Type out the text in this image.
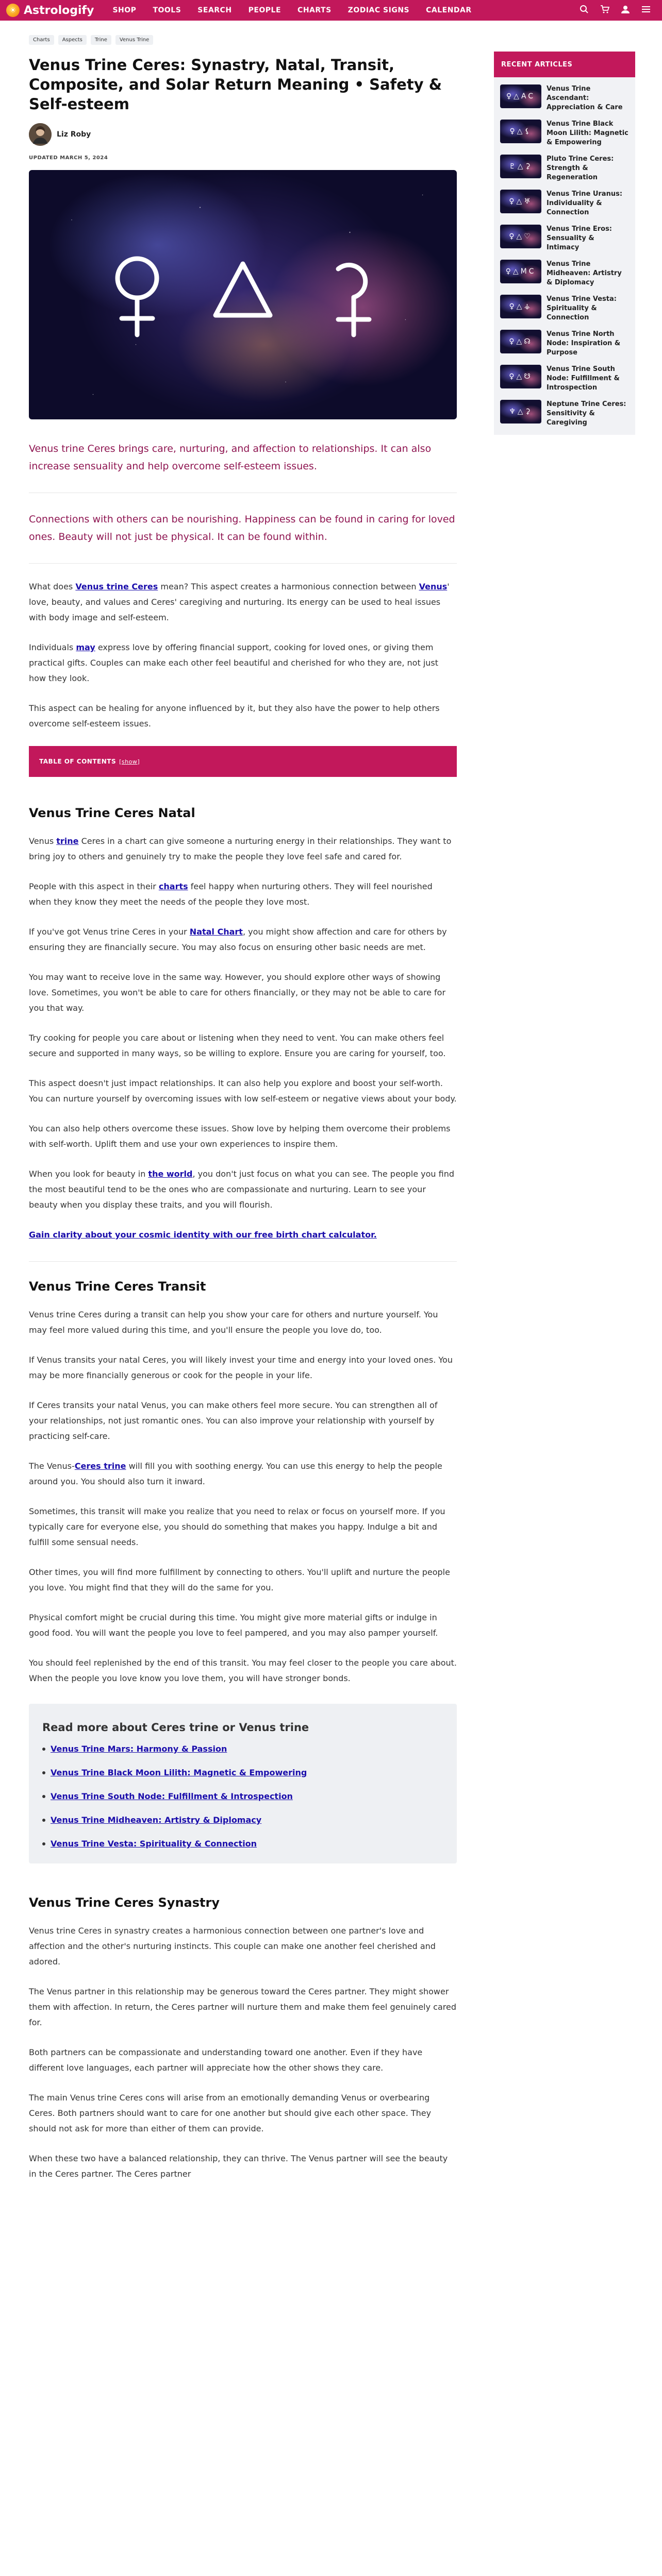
☀ Astrologify	SHOP	TOOLS	SEARCH	PEOPLE	CHARTS	ZODIAC SIGNS	CALENDAR
Charts	Aspects	Trine	Venus Trine
Venus Trine Ceres: Synastry, Natal, Transit, Composite, and Solar Return Meaning • Safety & Self-esteem
Liz Roby
UPDATED MARCH 5, 2024

Venus trine Ceres brings care, nurturing, and affection to relationships. It can also increase sensuality and help overcome self-esteem issues.

Connections with others can be nourishing. Happiness can be found in caring for loved ones. Beauty will not just be physical. It can be found within.

What does Venus trine Ceres mean? This aspect creates a harmonious connection between Venus' love, beauty, and values and Ceres' caregiving and nurturing. Its energy can be used to heal issues with body image and self-esteem.

Individuals may express love by offering financial support, cooking for loved ones, or giving them practical gifts. Couples can make each other feel beautiful and cherished for who they are, not just how they look.

This aspect can be healing for anyone influenced by it, but they also have the power to help others overcome self-esteem issues.

TABLE OF CONTENTS [show]
Venus Trine Ceres Natal

Venus trine Ceres in a chart can give someone a nurturing energy in their relationships. They want to bring joy to others and genuinely try to make the people they love feel safe and cared for.

People with this aspect in their charts feel happy when nurturing others. They will feel nourished when they know they meet the needs of the people they love most.

If you've got Venus trine Ceres in your Natal Chart, you might show affection and care for others by ensuring they are financially secure. You may also focus on ensuring other basic needs are met.

You may want to receive love in the same way. However, you should explore other ways of showing love. Sometimes, you won't be able to care for others financially, or they may not be able to care for you that way.

Try cooking for people you care about or listening when they need to vent. You can make others feel secure and supported in many ways, so be willing to explore. Ensure you are caring for yourself, too.

This aspect doesn't just impact relationships. It can also help you explore and boost your self-worth. You can nurture yourself by overcoming issues with low self-esteem or negative views about your body.

You can also help others overcome these issues. Show love by helping them overcome their problems with self-worth. Uplift them and use your own experiences to inspire them.

When you look for beauty in the world, you don't just focus on what you can see. The people you find the most beautiful tend to be the ones who are compassionate and nurturing. Learn to see your beauty when you display these traits, and you will flourish.

Gain clarity about your cosmic identity with our free birth chart calculator.

Venus Trine Ceres Transit

Venus trine Ceres during a transit can help you show your care for others and nurture yourself. You may feel more valued during this time, and you'll ensure the people you love do, too.

If Venus transits your natal Ceres, you will likely invest your time and energy into your loved ones. You may be more financially generous or cook for the people in your life.

If Ceres transits your natal Venus, you can make others feel more secure. You can strengthen all of your relationships, not just romantic ones. You can also improve your relationship with yourself by practicing self-care.

The Venus-Ceres trine will fill you with soothing energy. You can use this energy to help the people around you. You should also turn it inward.

Sometimes, this transit will make you realize that you need to relax or focus on yourself more. If you typically care for everyone else, you should do something that makes you happy. Indulge a bit and fulfill some sensual needs.

Other times, you will find more fulfillment by connecting to others. You'll uplift and nurture the people you love. You might find that they will do the same for you.

Physical comfort might be crucial during this time. You might give more material gifts or indulge in good food. You will want the people you love to feel pampered, and you may also pamper yourself.

You should feel replenished by the end of this transit. You may feel closer to the people you care about. When the people you love know you love them, you will have stronger bonds.

Read more about Ceres trine or Venus trine
Venus Trine Mars: Harmony & Passion
Venus Trine Black Moon Lilith: Magnetic & Empowering
Venus Trine South Node: Fulfillment & Introspection
Venus Trine Midheaven: Artistry & Diplomacy
Venus Trine Vesta: Spirituality & Connection
Venus Trine Ceres Synastry

Venus trine Ceres in synastry creates a harmonious connection between one partner's love and affection and the other's nurturing instincts. This couple can make one another feel cherished and adored.

The Venus partner in this relationship may be generous toward the Ceres partner. They might shower them with affection. In return, the Ceres partner will nurture them and make them feel genuinely cared for.

Both partners can be compassionate and understanding toward one another. Even if they have different love languages, each partner will appreciate how the other shows they care.

The main Venus trine Ceres cons will arise from an emotionally demanding Venus or overbearing Ceres. Both partners should want to care for one another but should give each other space. They should not ask for more than either of them can provide.

When these two have a balanced relationship, they can thrive. The Venus partner will see the beauty in the Ceres partner. The Ceres partner

RECENT ARTICLES
♀△AC
Venus Trine Ascendant: Appreciation & Care
♀△⚸
Venus Trine Black Moon Lilith: Magnetic & Empowering
♇△⚳
Pluto Trine Ceres: Strength & Regeneration
♀△♅
Venus Trine Uranus: Individuality & Connection
♀△♡
Venus Trine Eros: Sensuality & Intimacy
♀△MC
Venus Trine Midheaven: Artistry & Diplomacy
♀△⚶
Venus Trine Vesta: Spirituality & Connection
♀△☊
Venus Trine North Node: Inspiration & Purpose
♀△☋
Venus Trine South Node: Fulfillment & Introspection
♆△⚳
Neptune Trine Ceres: Sensitivity & Caregiving
